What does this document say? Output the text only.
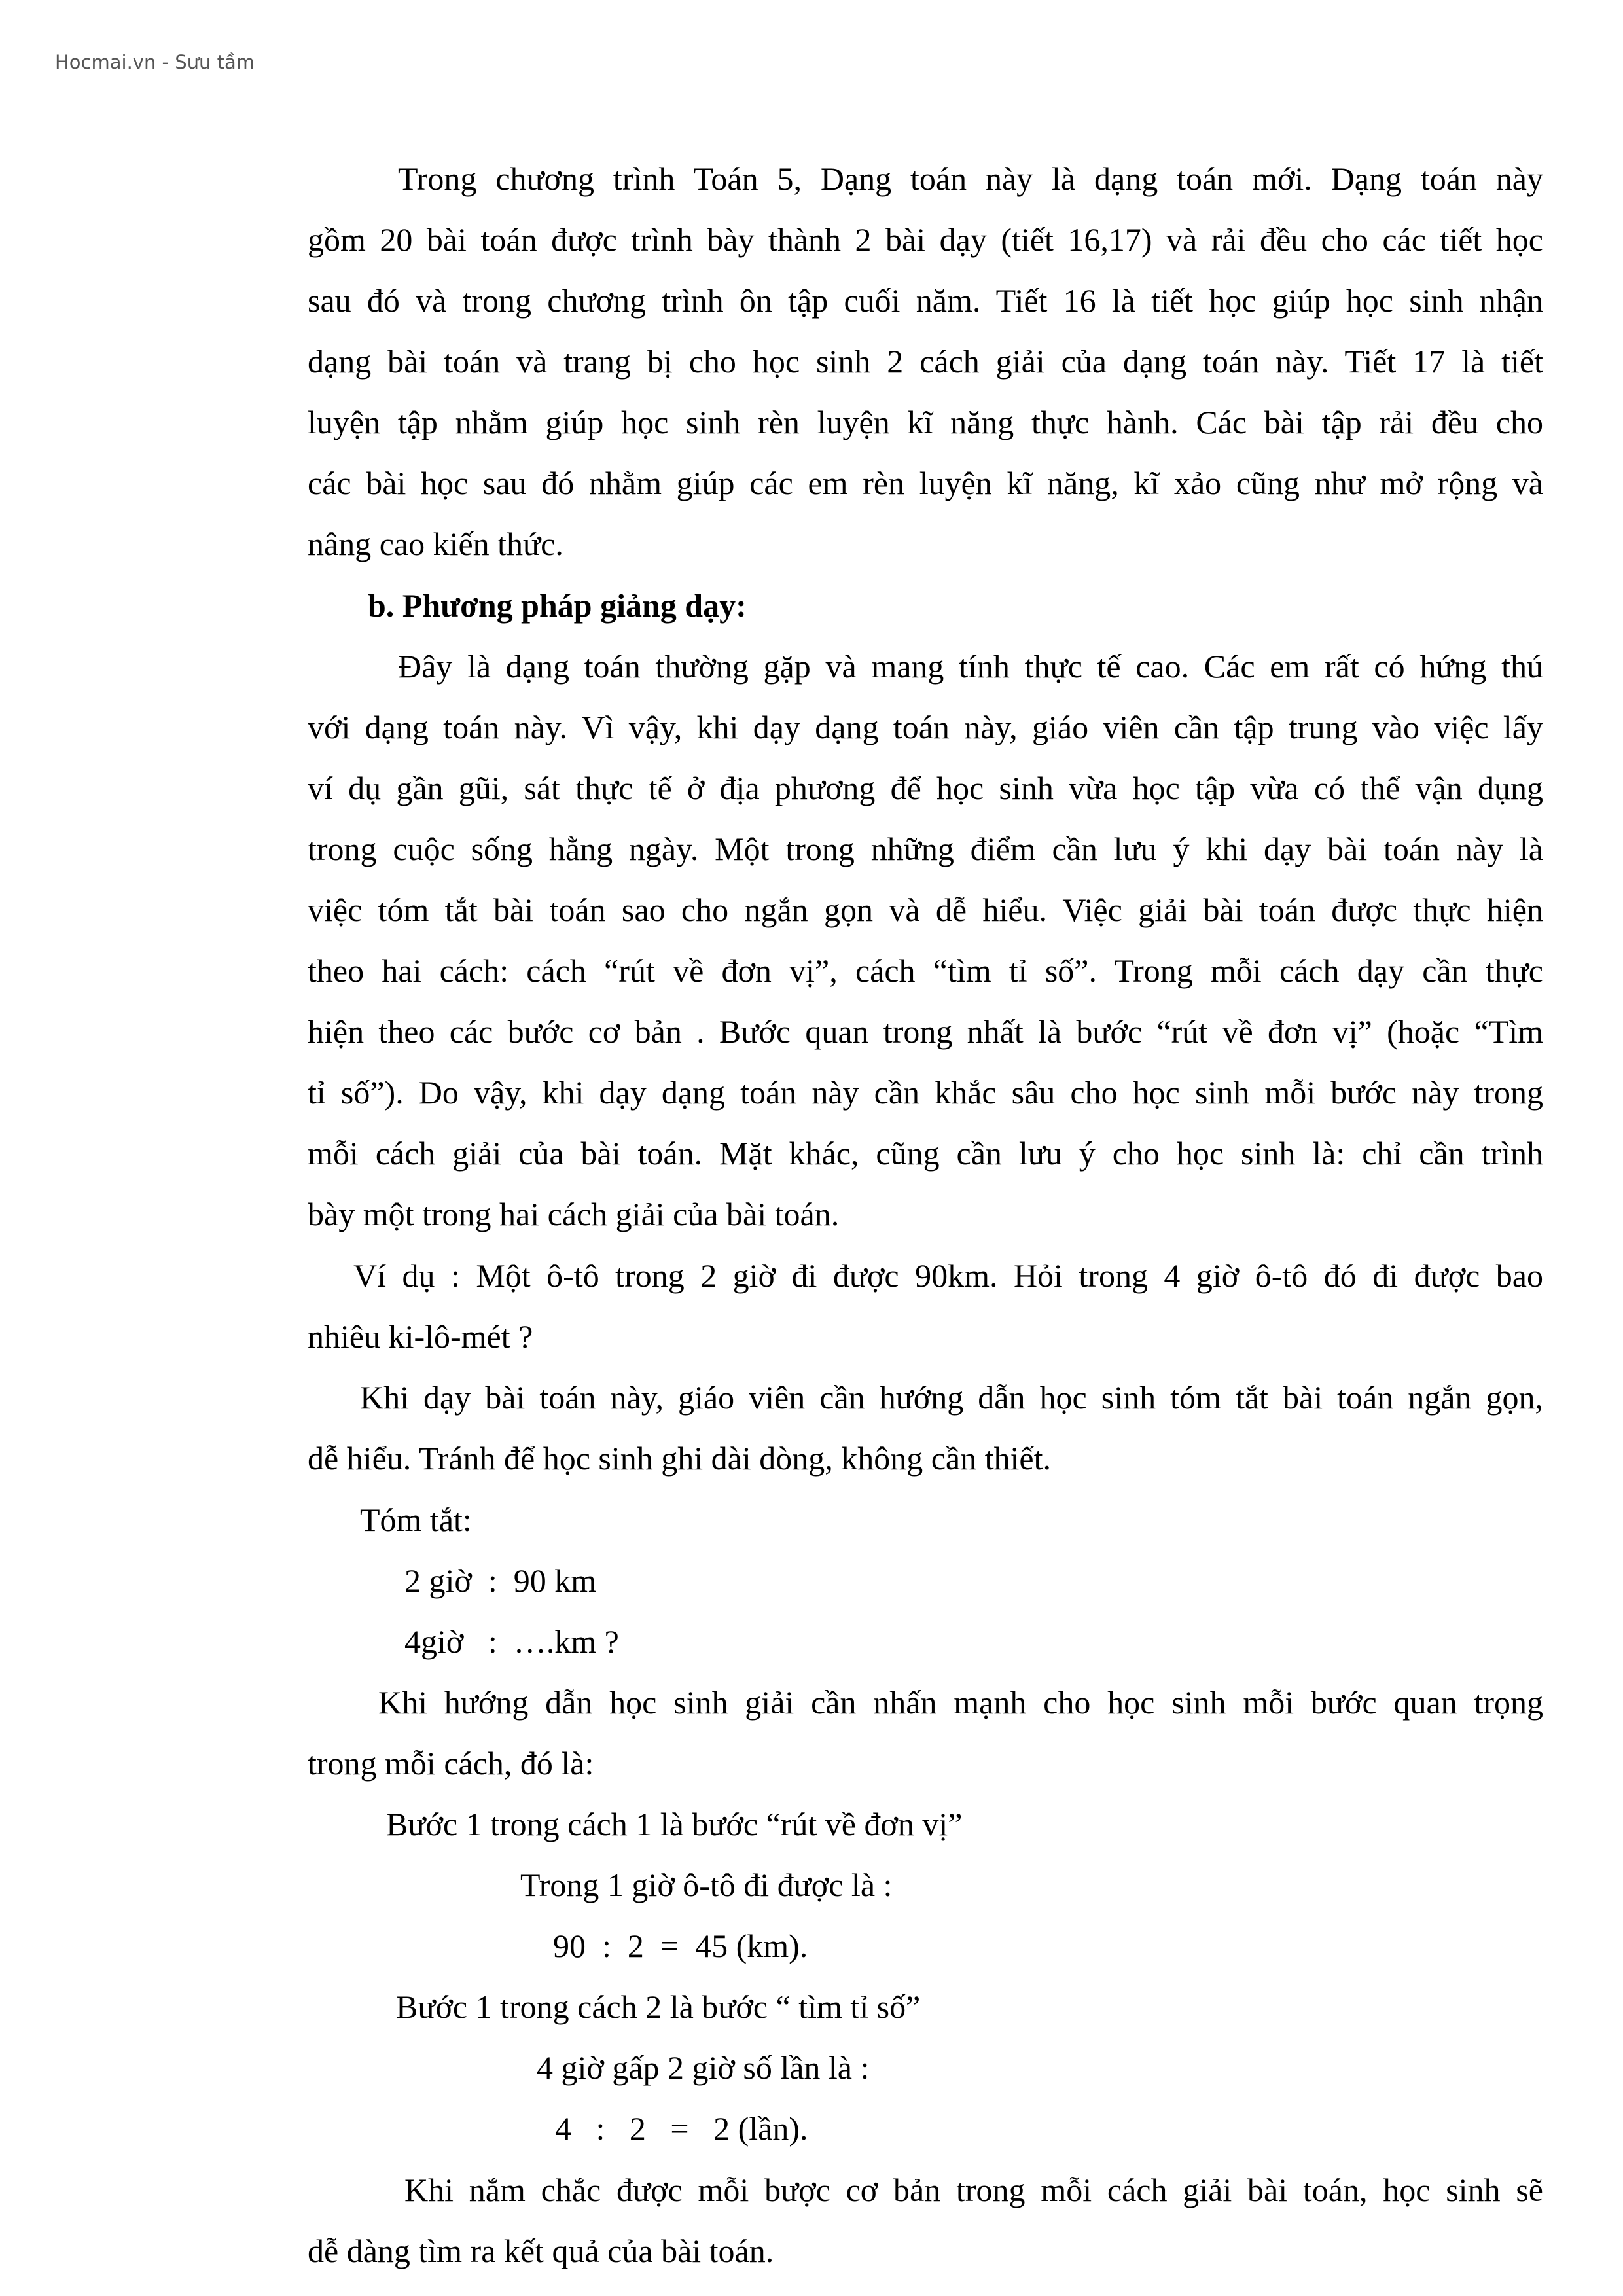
Hocmai.vn - Sưu tầm
Trong chương trình Toán 5, Dạng toán này là dạng toán mới. Dạng toán này
gồm 20 bài toán được trình bày thành 2 bài dạy (tiết 16,17) và rải đều cho các tiết học
sau đó và trong chương trình ôn tập cuối năm. Tiết 16 là tiết học giúp học sinh nhận
dạng bài toán và trang bị cho học sinh 2 cách giải của dạng toán này. Tiết 17 là tiết
luyện tập nhằm giúp học sinh rèn luyện kĩ năng thực hành. Các bài tập rải đều cho
các bài học sau đó nhằm giúp các em rèn luyện kĩ năng, kĩ xảo cũng như mở rộng và
nâng cao kiến thức.
b. Phương pháp giảng dạy:
Đây là dạng toán thường gặp và mang tính thực tế cao. Các em rất có hứng thú
với dạng toán này. Vì vậy, khi dạy dạng toán này, giáo viên cần tập trung vào việc lấy
ví dụ gần gũi, sát thực tế ở địa phương để học sinh vừa học tập vừa có thể vận dụng
trong cuộc sống hằng ngày. Một trong những điểm cần lưu ý khi dạy bài toán này là
việc tóm tắt bài toán sao cho ngắn gọn và dễ hiểu. Việc giải bài toán được thực hiện
theo hai cách: cách “rút về đơn vị”, cách “tìm tỉ số”. Trong mỗi cách dạy cần thực
hiện theo các bước cơ bản . Bước quan trong nhất là bước “rút về đơn vị” (hoặc “Tìm
tỉ số”). Do vậy, khi dạy dạng toán này cần khắc sâu cho học sinh mỗi bước này trong
mỗi cách giải của bài toán. Mặt khác, cũng cần lưu ý cho học sinh là: chỉ cần trình
bày một trong hai cách giải của bài toán.
Ví dụ : Một ô-tô trong 2 giờ đi được 90km. Hỏi trong 4 giờ ô-tô đó đi được bao
nhiêu ki-lô-mét ?
Khi dạy bài toán này, giáo viên cần hướng dẫn học sinh tóm tắt bài toán ngắn gọn,
dễ hiểu. Tránh để học sinh ghi dài dòng, không cần thiết.
Tóm tắt:
2 giờ  :  90 km
4giờ   :  ….km ?
Khi hướng dẫn học sinh giải cần nhấn mạnh cho học sinh mỗi bước quan trọng
trong mỗi cách, đó là:
Bước 1 trong cách 1 là bước “rút về đơn vị”
Trong 1 giờ ô-tô đi được là :
90  :  2  =  45 (km).
Bước 1 trong cách 2 là bước “ tìm tỉ số”
4 giờ gấp 2 giờ số lần là :
4   :   2   =   2 (lần).
Khi nắm chắc được mỗi bược cơ bản trong mỗi cách giải bài toán, học sinh sẽ
dễ dàng tìm ra kết quả của bài toán.
